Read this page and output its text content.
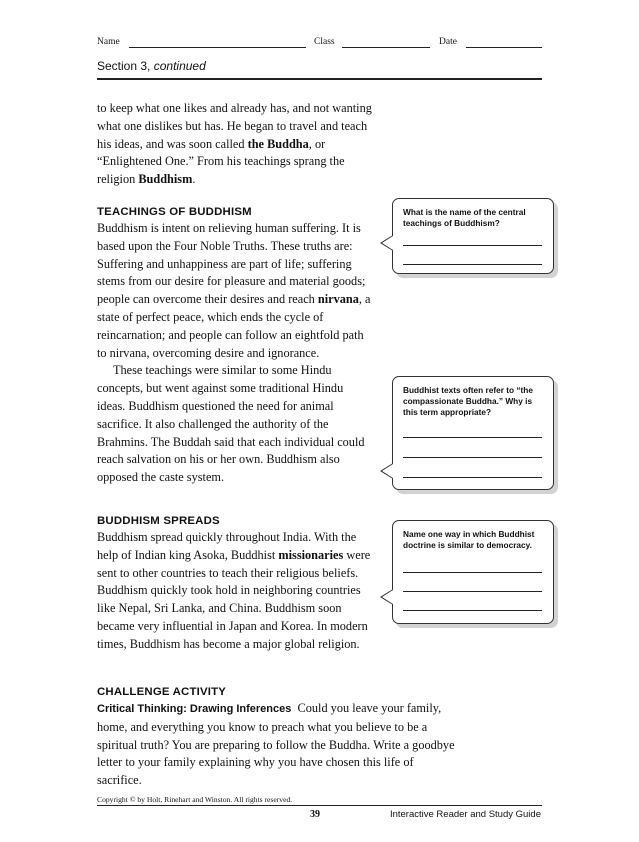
Name	Class	Date
Section 3, continued

to keep what one likes and already has, and not wanting what one dislikes but has. He began to travel and teach his ideas, and was soon called the Buddha, or “Enlightened One.” From his teachings sprang the religion Buddhism.

TEACHINGS OF BUDDHISM

Buddhism is intent on relieving human suffering. It is based upon the Four Noble Truths. These truths are: Suffering and unhappiness are part of life; suffering stems from our desire for pleasure and material goods; people can overcome their desires and reach nirvana, a state of perfect peace, which ends the cycle of reincarnation; and people can follow an eightfold path to nirvana, overcoming desire and ignorance.

These teachings were similar to some Hindu concepts, but went against some traditional Hindu ideas. Buddhism questioned the need for animal sacrifice. It also challenged the authority of the Brahmins. The Buddah said that each individual could reach salvation on his or her own. Buddhism also opposed the caste system.

BUDDHISM SPREADS

Buddhism spread quickly throughout India. With the help of Indian king Asoka, Buddhist missionaries were sent to other countries to teach their religious beliefs. Buddhism quickly took hold in neighboring countries like Nepal, Sri Lanka, and China. Buddhism soon became very influential in Japan and Korea. In modern times, Buddhism has become a major global religion.

What is the name of the central teachings of Buddhism?

Buddhist texts often refer to “the compassionate Buddha.” Why is this term appropriate?

Name one way in which Buddhist doctrine is similar to democracy.

CHALLENGE ACTIVITY

Critical Thinking: Drawing Inferences Could you leave your family, home, and everything you know to preach what you believe to be a spiritual truth? You are preparing to follow the Buddha. Write a goodbye letter to your family explaining why you have chosen this life of sacrifice.

Copyright © by Holt, Rinehart and Winston. All rights reserved.
39	Interactive Reader and Study Guide
